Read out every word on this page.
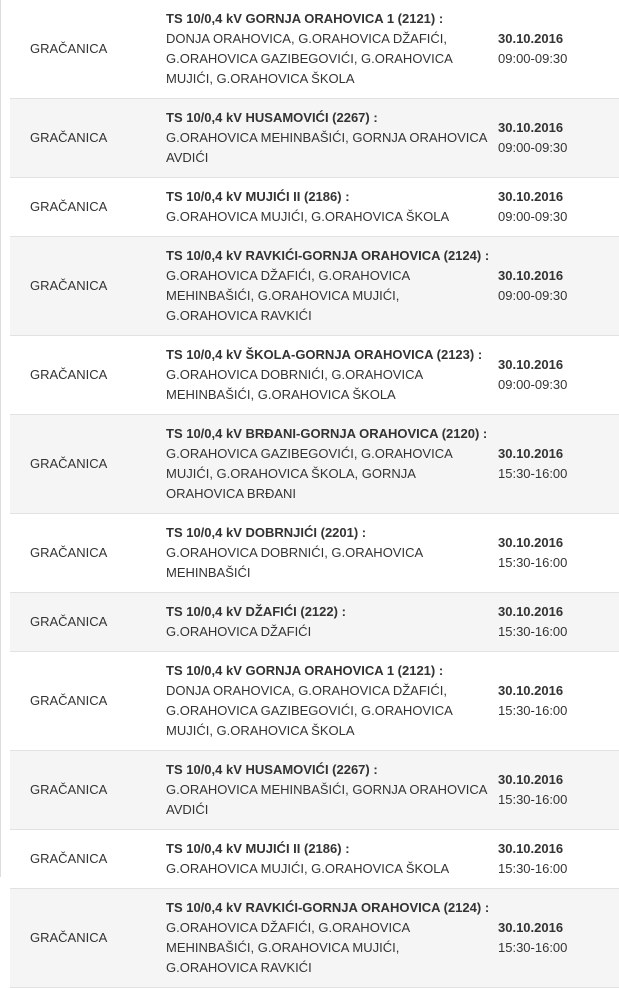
GRAČANICA	TS 10/0,4 kV GORNJA ORAHOVICA 1 (2121) :
DONJA ORAHOVICA, G.ORAHOVICA DŽAFIĆI, G.ORAHOVICA GAZIBEGOVIĆI, G.ORAHOVICA MUJIĆI, G.ORAHOVICA ŠKOLA	30.10.2016
09:00-09:30

GRAČANICA	TS 10/0,4 kV HUSAMOVIĆI (2267) :
G.ORAHOVICA MEHINBAŠIĆI, GORNJA ORAHOVICA AVDIĆI	30.10.2016
09:00-09:30

GRAČANICA	TS 10/0,4 kV MUJIĆI II (2186) :
G.ORAHOVICA MUJIĆI, G.ORAHOVICA ŠKOLA	30.10.2016
09:00-09:30

GRAČANICA	TS 10/0,4 kV RAVKIĆI-GORNJA ORAHOVICA (2124) :
G.ORAHOVICA DŽAFIĆI, G.ORAHOVICA MEHINBAŠIĆI, G.ORAHOVICA MUJIĆI, G.ORAHOVICA RAVKIĆI	30.10.2016
09:00-09:30

GRAČANICA	TS 10/0,4 kV ŠKOLA-GORNJA ORAHOVICA (2123) :
G.ORAHOVICA DOBRNIĆI, G.ORAHOVICA MEHINBAŠIĆI, G.ORAHOVICA ŠKOLA	30.10.2016
09:00-09:30

GRAČANICA	TS 10/0,4 kV BRĐANI-GORNJA ORAHOVICA (2120) :
G.ORAHOVICA GAZIBEGOVIĆI, G.ORAHOVICA MUJIĆI, G.ORAHOVICA ŠKOLA, GORNJA ORAHOVICA BRĐANI	30.10.2016
15:30-16:00

GRAČANICA	TS 10/0,4 kV DOBRNJIĆI (2201) :
G.ORAHOVICA DOBRNIĆI, G.ORAHOVICA MEHINBAŠIĆI	30.10.2016
15:30-16:00

GRAČANICA	TS 10/0,4 kV DŽAFIĆI (2122) :
G.ORAHOVICA DŽAFIĆI	30.10.2016
15:30-16:00

GRAČANICA	TS 10/0,4 kV GORNJA ORAHOVICA 1 (2121) :
DONJA ORAHOVICA, G.ORAHOVICA DŽAFIĆI, G.ORAHOVICA GAZIBEGOVIĆI, G.ORAHOVICA MUJIĆI, G.ORAHOVICA ŠKOLA	30.10.2016
15:30-16:00

GRAČANICA	TS 10/0,4 kV HUSAMOVIĆI (2267) :
G.ORAHOVICA MEHINBAŠIĆI, GORNJA ORAHOVICA AVDIĆI	30.10.2016
15:30-16:00

GRAČANICA	TS 10/0,4 kV MUJIĆI II (2186) :
G.ORAHOVICA MUJIĆI, G.ORAHOVICA ŠKOLA	30.10.2016
15:30-16:00

GRAČANICA	TS 10/0,4 kV RAVKIĆI-GORNJA ORAHOVICA (2124) :
G.ORAHOVICA DŽAFIĆI, G.ORAHOVICA MEHINBAŠIĆI, G.ORAHOVICA MUJIĆI, G.ORAHOVICA RAVKIĆI	30.10.2016
15:30-16:00
